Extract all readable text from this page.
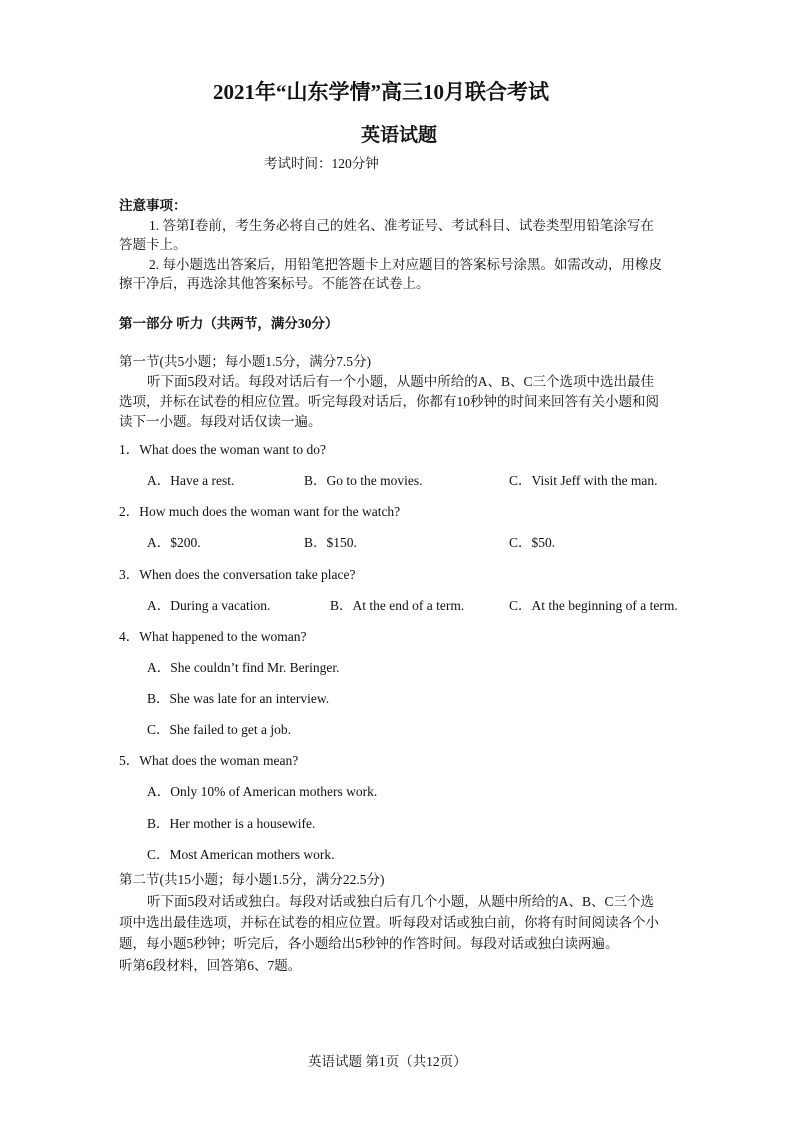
2021年“山东学情”高三10月联合考试
英语试题
考试时间：120分钟
注意事项：
1. 答第Ⅰ卷前，考生务必将自己的姓名、准考证号、考试科目、试卷类型用铅笔涂写在
答题卡上。
2. 每小题选出答案后，用铅笔把答题卡上对应题目的答案标号涂黑。如需改动，用橡皮
擦干净后，再选涂其他答案标号。不能答在试卷上。
第一部分 听力（共两节，满分30分）
第一节(共5小题；每小题1.5分，满分7.5分)
听下面5段对话。每段对话后有一个小题，从题中所给的A、B、C三个选项中选出最佳
选项，并标在试卷的相应位置。听完每段对话后，你都有10秒钟的时间来回答有关小题和阅
读下一小题。每段对话仅读一遍。
1．What does the woman want to do?
A．Have a rest.	B．Go to the movies.	C．Visit Jeff with the man.
2．How much does the woman want for the watch?
A．$200.	B．$150.	C．$50.
3．When does the conversation take place?
A．During a vacation.	B．At the end of a term.	C．At the beginning of a term.
4．What happened to the woman?
A．She couldn’t find Mr. Beringer.
B．She was late for an interview.
C．She failed to get a job.
5．What does the woman mean?
A．Only 10% of American mothers work.
B．Her mother is a housewife.
C．Most American mothers work.
第二节(共15小题；每小题1.5分，满分22.5分)
听下面5段对话或独白。每段对话或独白后有几个小题，从题中所给的A、B、C三个选
项中选出最佳选项，并标在试卷的相应位置。听每段对话或独白前，你将有时间阅读各个小
题，每小题5秒钟；听完后，各小题给出5秒钟的作答时间。每段对话或独白读两遍。
听第6段材料，回答第6、7题。
英语试题 第1页（共12页）
